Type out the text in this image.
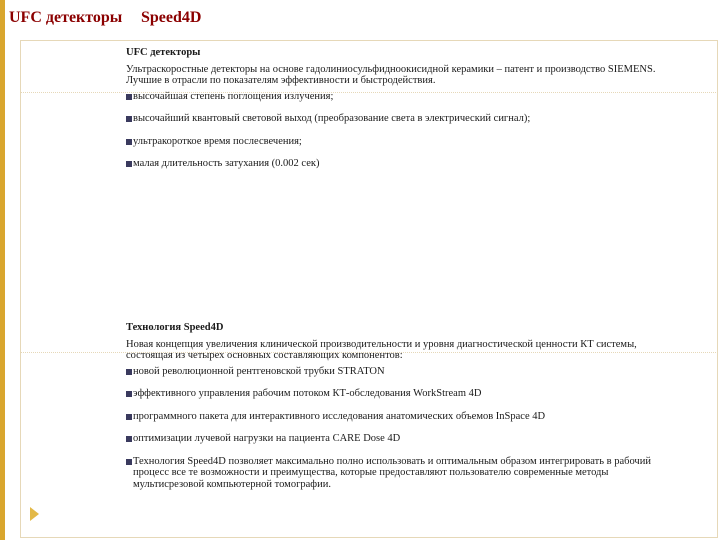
UFC детекторы Speed4D
UFC детекторы
Ультраскоростные детекторы на основе гадолиниосульфидноокисидной керамики – патент и производство SIEMENS. Лучшие в отрасли по показателям эффективности и быстродействия.
высочайшая степень поглощения излучения;
высочайший квантовый световой выход (преобразование света в электрический сигнал);
ультракороткое время послесвечения;
малая длительность затухания (0.002 сек)
Технология Speed4D
Новая концепция увеличения клинической производительности и уровня диагностической ценности КТ системы, состоящая из четырех основных составляющих компонентов:
новой революционной рентгеновской трубки STRATON
эффективного управления рабочим потоком КТ-обследования WorkStream 4D
программного пакета для интерактивного исследования анатомических объемов InSpace 4D
оптимизации лучевой нагрузки на пациента CARE Dose 4D
Технология Speed4D позволяет максимально полно использовать и оптимальным образом интегрировать в рабочий процесс все те возможности и преимущества, которые предоставляют пользователю современные методы мультисрезовой компьютерной томографии.
